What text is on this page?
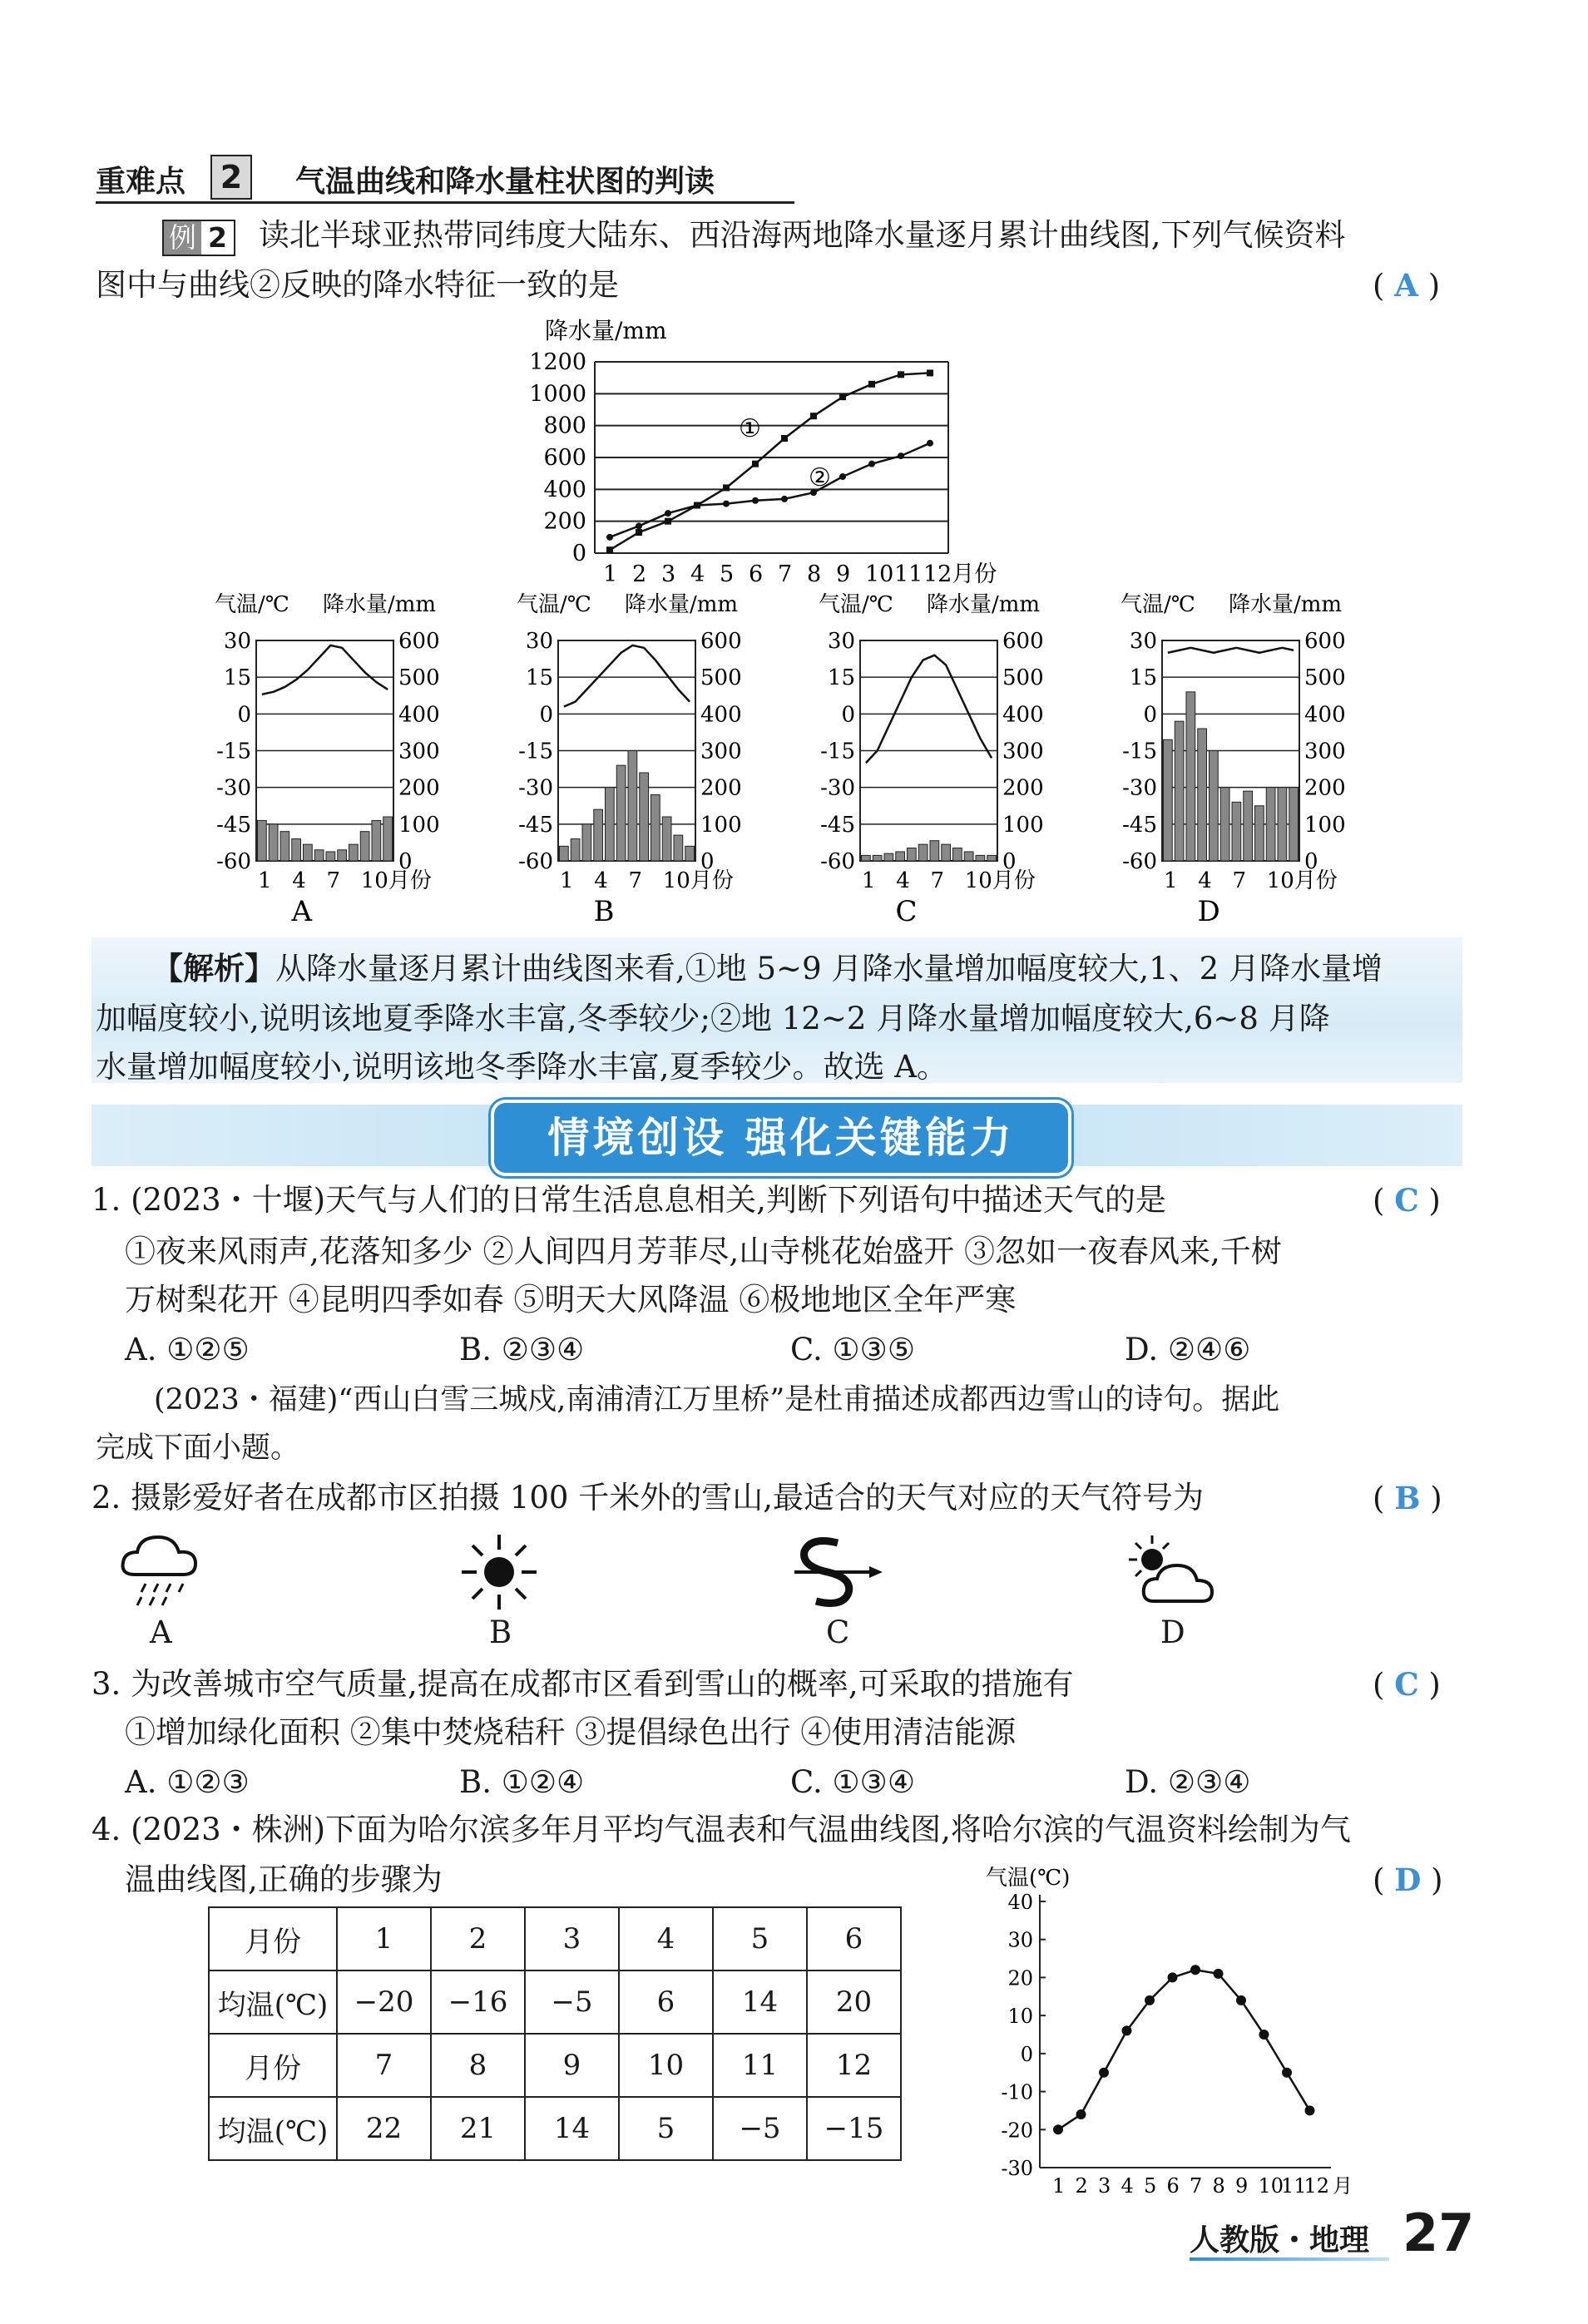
重难点	2	气温曲线和降水量柱状图的判读
例 2 读北半球亚热带同纬度大陆东、西沿海两地降水量逐月累计曲线图,下列气候资料
图中与曲线②反映的降水特征一致的是	( A )
降水量/mm
0
200
400
600
800
1000
1200
1 2 3 4 5 6 7 8 9 10 11 12月份
①
②
气温/℃ 降水量/mm
30
15
0
-15
-30
-45
-60
600
500
400
300
200
100
0
1 4 7 10月份
A
气温/℃ 降水量/mm
30
15
0
-15
-30
-45
-60
600
500
400
300
200
100
0
1 4 7 10月份
B
气温/℃ 降水量/mm
30
15
0
-15
-30
-45
-60
600
500
400
300
200
100
0
1 4 7 10月份
C
气温/℃ 降水量/mm
30
15
0
-15
-30
-45
-60
600
500
400
300
200
100
0
1 4 7 10月份
D
【解析】从降水量逐月累计曲线图来看,①地 5~9 月降水量增加幅度较大,1、2 月降水量增
加幅度较小,说明该地夏季降水丰富,冬季较少;②地 12~2 月降水量增加幅度较大,6~8 月降
水量增加幅度较小,说明该地冬季降水丰富,夏季较少。故选 A。
情境创设 强化关键能力
1. (2023・十堰)天气与人们的日常生活息息相关,判断下列语句中描述天气的是	( C )
①夜来风雨声,花落知多少 ②人间四月芳菲尽,山寺桃花始盛开 ③忽如一夜春风来,千树
万树梨花开 ④昆明四季如春 ⑤明天大风降温 ⑥极地地区全年严寒
A. ①②⑤	B. ②③④	C. ①③⑤	D. ②④⑥
(2023・福建)“西山白雪三城戍,南浦清江万里桥”是杜甫描述成都西边雪山的诗句。据此
完成下面小题。
2. 摄影爱好者在成都市区拍摄 100 千米外的雪山,最适合的天气对应的天气符号为	( B )
A	B	C	D
3. 为改善城市空气质量,提高在成都市区看到雪山的概率,可采取的措施有	( C )
①增加绿化面积 ②集中焚烧秸秆 ③提倡绿色出行 ④使用清洁能源
A. ①②③	B. ①②④	C. ①③④	D. ②③④
4. (2023・株洲)下面为哈尔滨多年月平均气温表和气温曲线图,将哈尔滨的气温资料绘制为气
温曲线图,正确的步骤为	( D )
月份	1	2	3	4	5	6
均温(℃)	−20	−16	−5	6	14	20
月份	7	8	9	10	11	12
均温(℃)	22	21	14	5	−5	−15
气温(℃)
40
30
20
10
0
-10
-20
-30
1 2 3 4 5 6 7 8 9 10
11
12 月
人教版・地理 27
